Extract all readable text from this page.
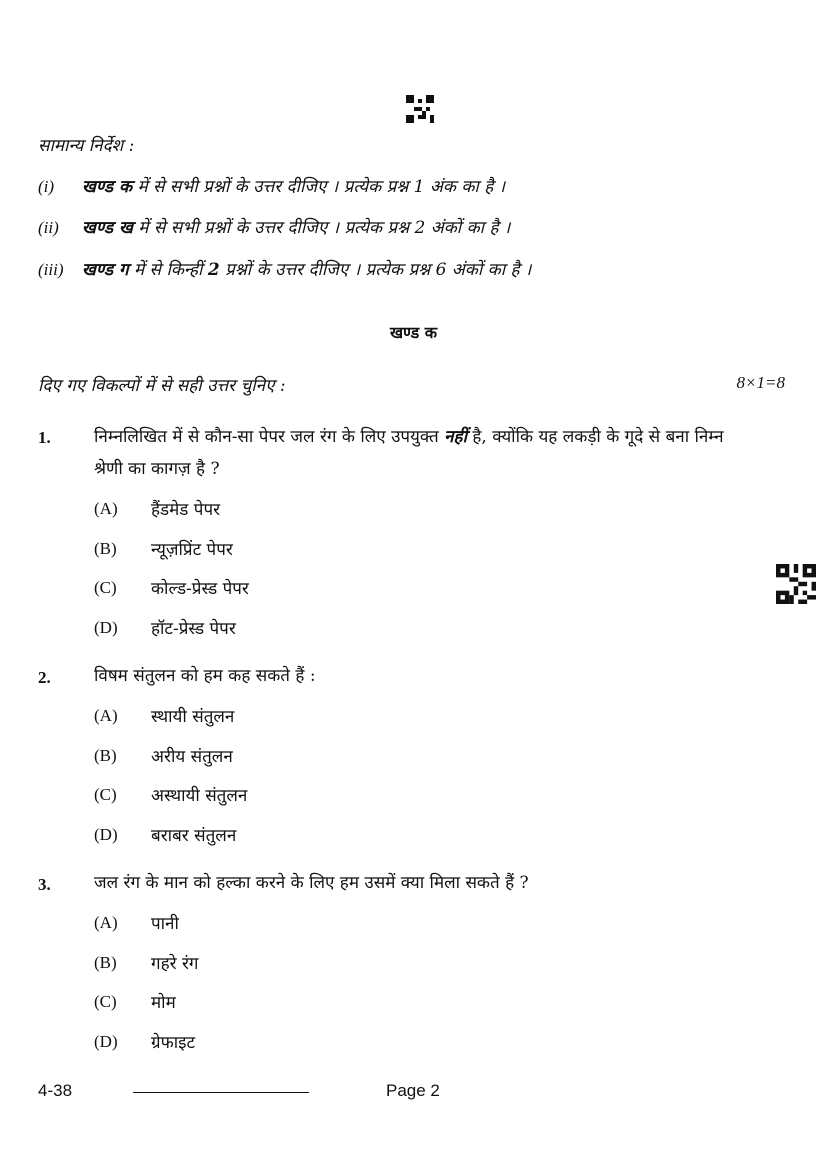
सामान्य निर्देश :
(i) खण्ड क में से सभी प्रश्नों के उत्तर दीजिए । प्रत्येक प्रश्न 1 अंक का है ।
(ii) खण्ड ख में से सभी प्रश्नों के उत्तर दीजिए । प्रत्येक प्रश्न 2 अंकों का है ।
(iii) खण्ड ग में से किन्हीं 2 प्रश्नों के उत्तर दीजिए । प्रत्येक प्रश्न 6 अंकों का है ।
खण्ड क
दिए गए विकल्पों में से सही उत्तर चुनिए :	8×1=8
1.	निम्नलिखित में से कौन-सा पेपर जल रंग के लिए उपयुक्त नहीं है, क्योंकि यह लकड़ी के गूदे से बना निम्न श्रेणी का कागज़ है ?
(A) हैंडमेड पेपर
(B) न्यूज़प्रिंट पेपर
(C) कोल्ड-प्रेस्ड पेपर
(D) हॉट-प्रेस्ड पेपर
2.	विषम संतुलन को हम कह सकते हैं :
(A) स्थायी संतुलन
(B) अरीय संतुलन
(C) अस्थायी संतुलन
(D) बराबर संतुलन
3.	जल रंग के मान को हल्का करने के लिए हम उसमें क्या मिला सकते हैं ?
(A) पानी
(B) गहरे रंग
(C) मोम
(D) ग्रेफाइट
4-38	Page 2
